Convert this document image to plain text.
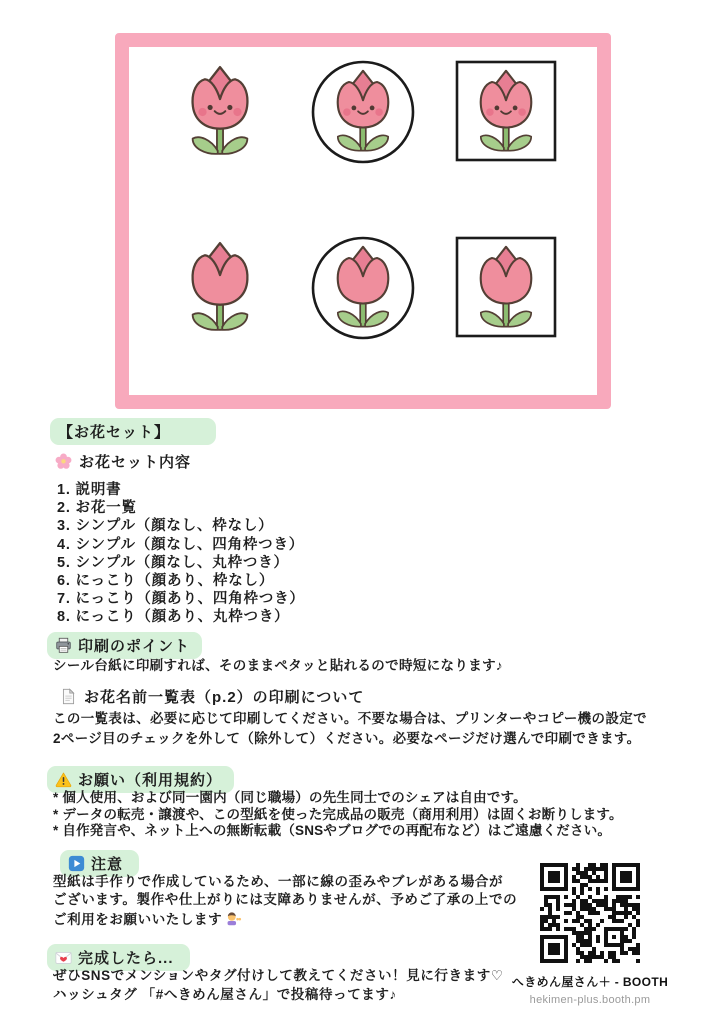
【お花セット】
お花セット内容
1. 説明書
2. お花一覧
3. シンプル（顔なし、枠なし）
4. シンプル（顔なし、四角枠つき）
5. シンプル（顔なし、丸枠つき）
6. にっこり（顔あり、枠なし）
7. にっこり（顔あり、四角枠つき）
8. にっこり（顔あり、丸枠つき）
印刷のポイント
シール台紙に印刷すれば、そのままペタッと貼れるので時短になります♪
お花名前一覧表（p.2）の印刷について
この一覧表は、必要に応じて印刷してください。不要な場合は、プリンターやコピー機の設定で
2ページ目のチェックを外して（除外して）ください。必要なページだけ選んで印刷できます。
お願い（利用規約）
* 個人使用、および同一園内（同じ職場）の先生同士でのシェアは自由です。
* データの転売・譲渡や、この型紙を使った完成品の販売（商用利用）は固くお断りします。
* 自作発言や、ネット上への無断転載（SNSやブログでの再配布など）はご遠慮ください。
注意
型紙は手作りで作成しているため、一部に線の歪みやブレがある場合が
ございます。製作や仕上がりには支障ありませんが、予めご了承の上での
ご利用をお願いいたします
完成したら...
ぜひSNSでメンションやタグ付けして教えてください！見に行きます♡
ハッシュタグ 「#へきめん屋さん」で投稿待ってます♪
へきめん屋さん＋ - BOOTH
hekimen-plus.booth.pm
